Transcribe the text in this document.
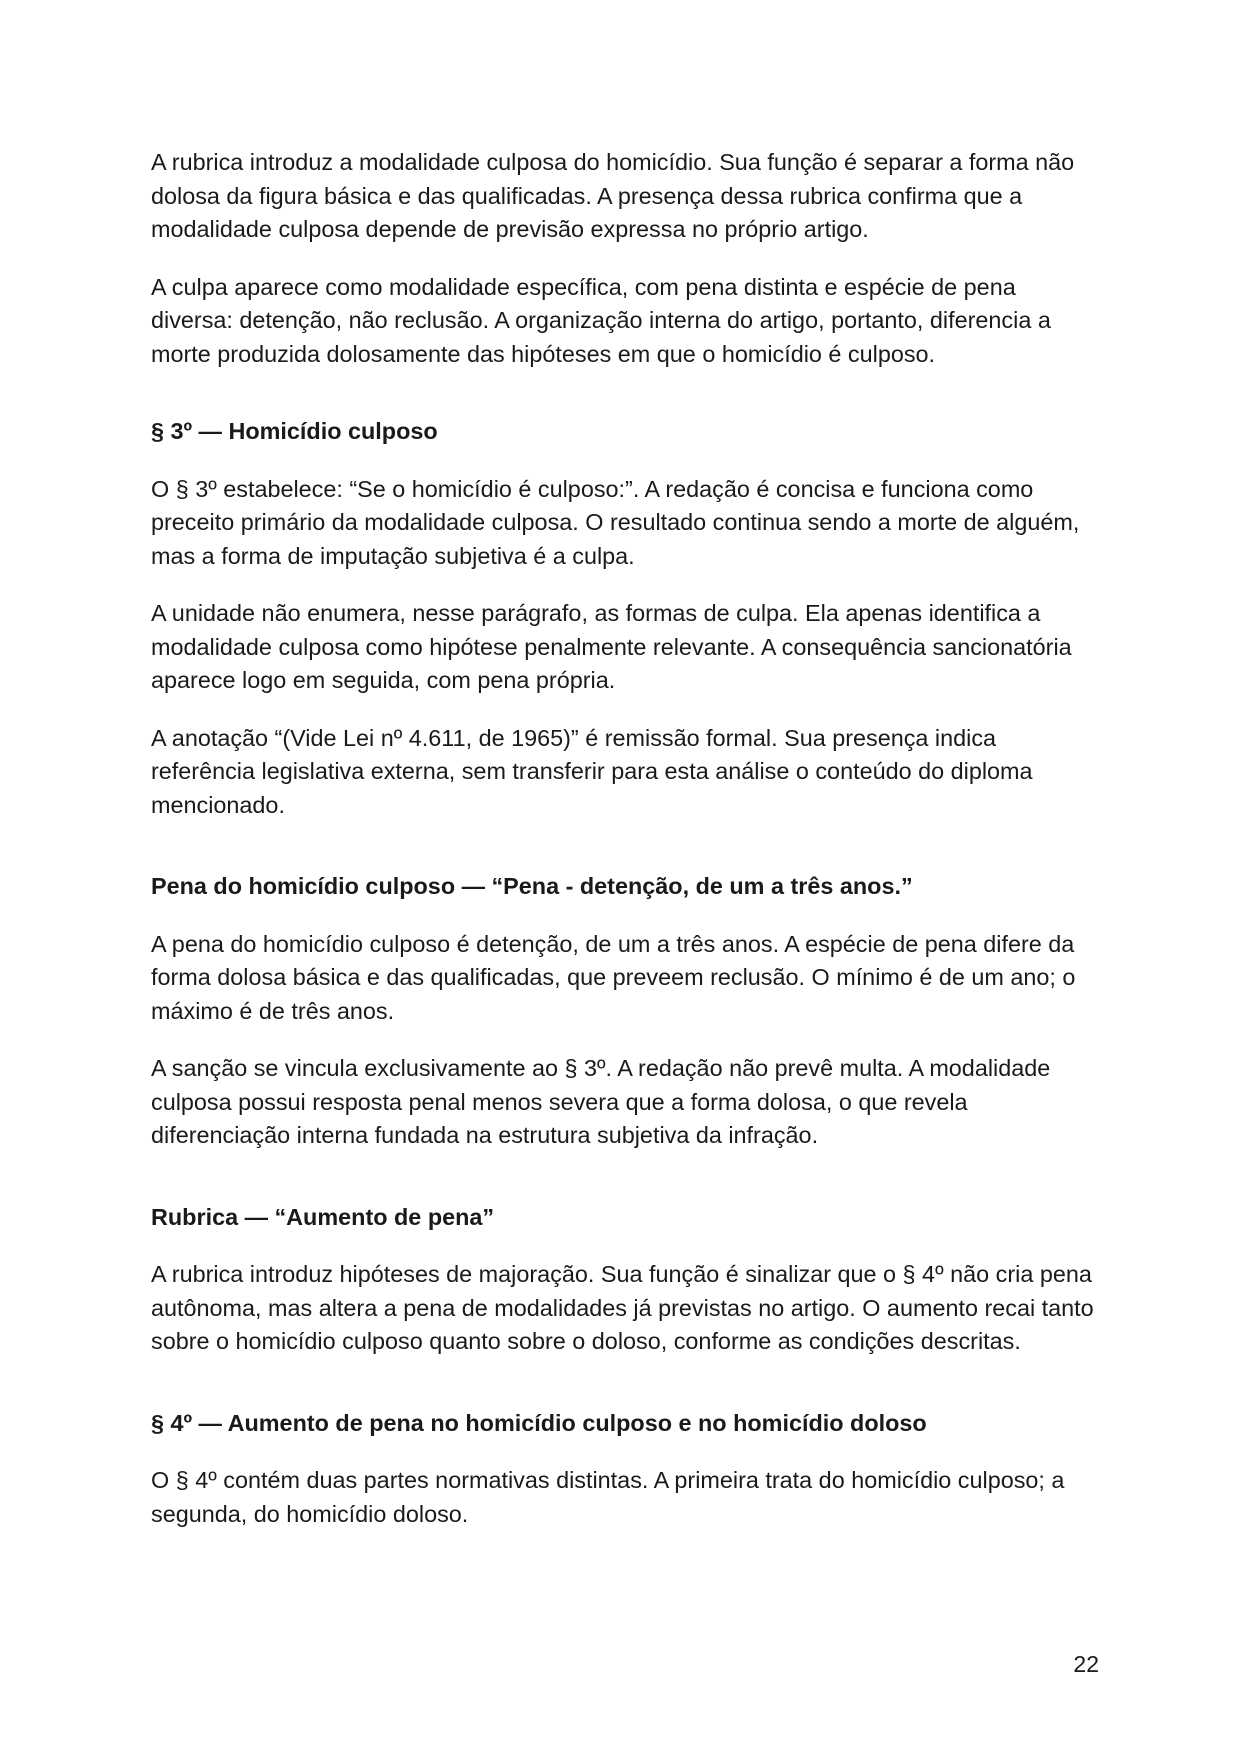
A rubrica introduz a modalidade culposa do homicídio. Sua função é separar a forma não dolosa da figura básica e das qualificadas. A presença dessa rubrica confirma que a modalidade culposa depende de previsão expressa no próprio artigo.

A culpa aparece como modalidade específica, com pena distinta e espécie de pena diversa: detenção, não reclusão. A organização interna do artigo, portanto, diferencia a morte produzida dolosamente das hipóteses em que o homicídio é culposo.

§ 3º — Homicídio culposo

O § 3º estabelece: “Se o homicídio é culposo:”. A redação é concisa e funciona como preceito primário da modalidade culposa. O resultado continua sendo a morte de alguém, mas a forma de imputação subjetiva é a culpa.

A unidade não enumera, nesse parágrafo, as formas de culpa. Ela apenas identifica a modalidade culposa como hipótese penalmente relevante. A consequência sancionatória aparece logo em seguida, com pena própria.

A anotação “(Vide Lei nº 4.611, de 1965)” é remissão formal. Sua presença indica referência legislativa externa, sem transferir para esta análise o conteúdo do diploma mencionado.

Pena do homicídio culposo — “Pena - detenção, de um a três anos.”

A pena do homicídio culposo é detenção, de um a três anos. A espécie de pena difere da forma dolosa básica e das qualificadas, que preveem reclusão. O mínimo é de um ano; o máximo é de três anos.

A sanção se vincula exclusivamente ao § 3º. A redação não prevê multa. A modalidade culposa possui resposta penal menos severa que a forma dolosa, o que revela diferenciação interna fundada na estrutura subjetiva da infração.

Rubrica — “Aumento de pena”

A rubrica introduz hipóteses de majoração. Sua função é sinalizar que o § 4º não cria pena autônoma, mas altera a pena de modalidades já previstas no artigo. O aumento recai tanto sobre o homicídio culposo quanto sobre o doloso, conforme as condições descritas.

§ 4º — Aumento de pena no homicídio culposo e no homicídio doloso

O § 4º contém duas partes normativas distintas. A primeira trata do homicídio culposo; a segunda, do homicídio doloso.

22
